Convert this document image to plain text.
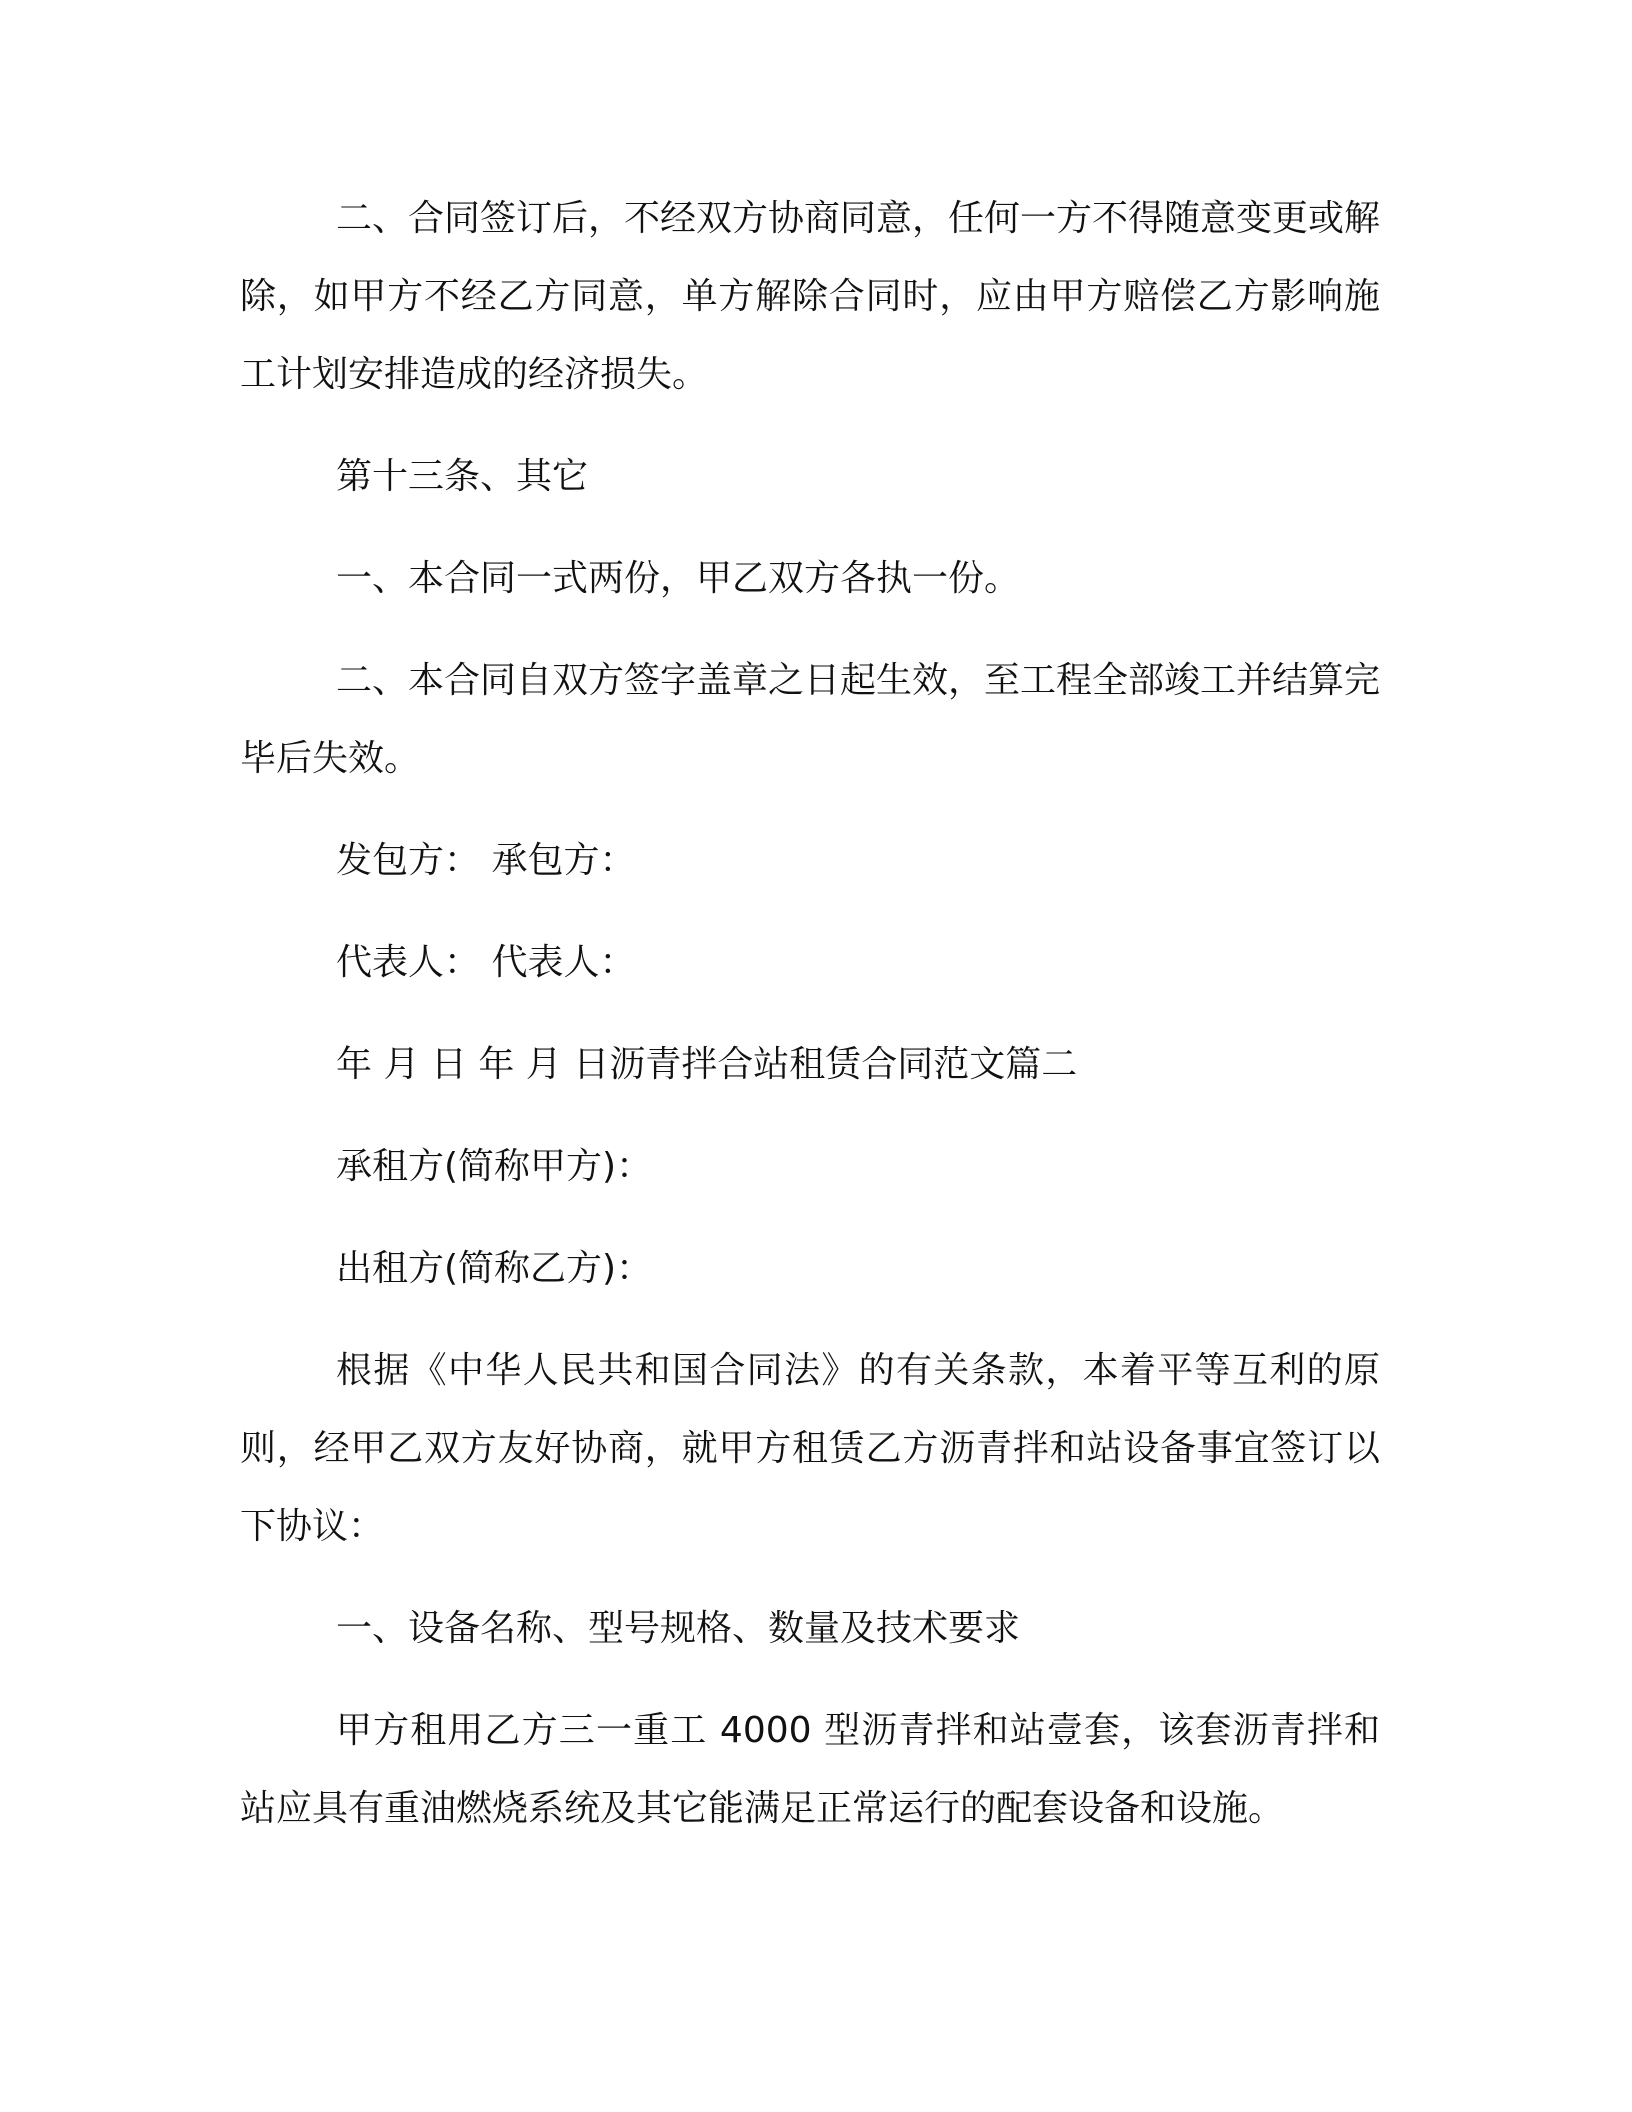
二、合同签订后，不经双方协商同意，任何一方不得随意变更或解除，如甲方不经乙方同意，单方解除合同时，应由甲方赔偿乙方影响施工计划安排造成的经济损失。

第十三条、其它

一、本合同一式两份，甲乙双方各执一份。

二、本合同自双方签字盖章之日起生效，至工程全部竣工并结算完毕后失效。

发包方： 承包方：

代表人： 代表人：

年 月 日 年 月 日沥青拌合站租赁合同范文篇二

承租方(简称甲方)：

出租方(简称乙方)：

根据《中华人民共和国合同法》的有关条款，本着平等互利的原则，经甲乙双方友好协商，就甲方租赁乙方沥青拌和站设备事宜签订以下协议：

一、设备名称、型号规格、数量及技术要求

甲方租用乙方三一重工 4000 型沥青拌和站壹套，该套沥青拌和站应具有重油燃烧系统及其它能满足正常运行的配套设备和设施。
